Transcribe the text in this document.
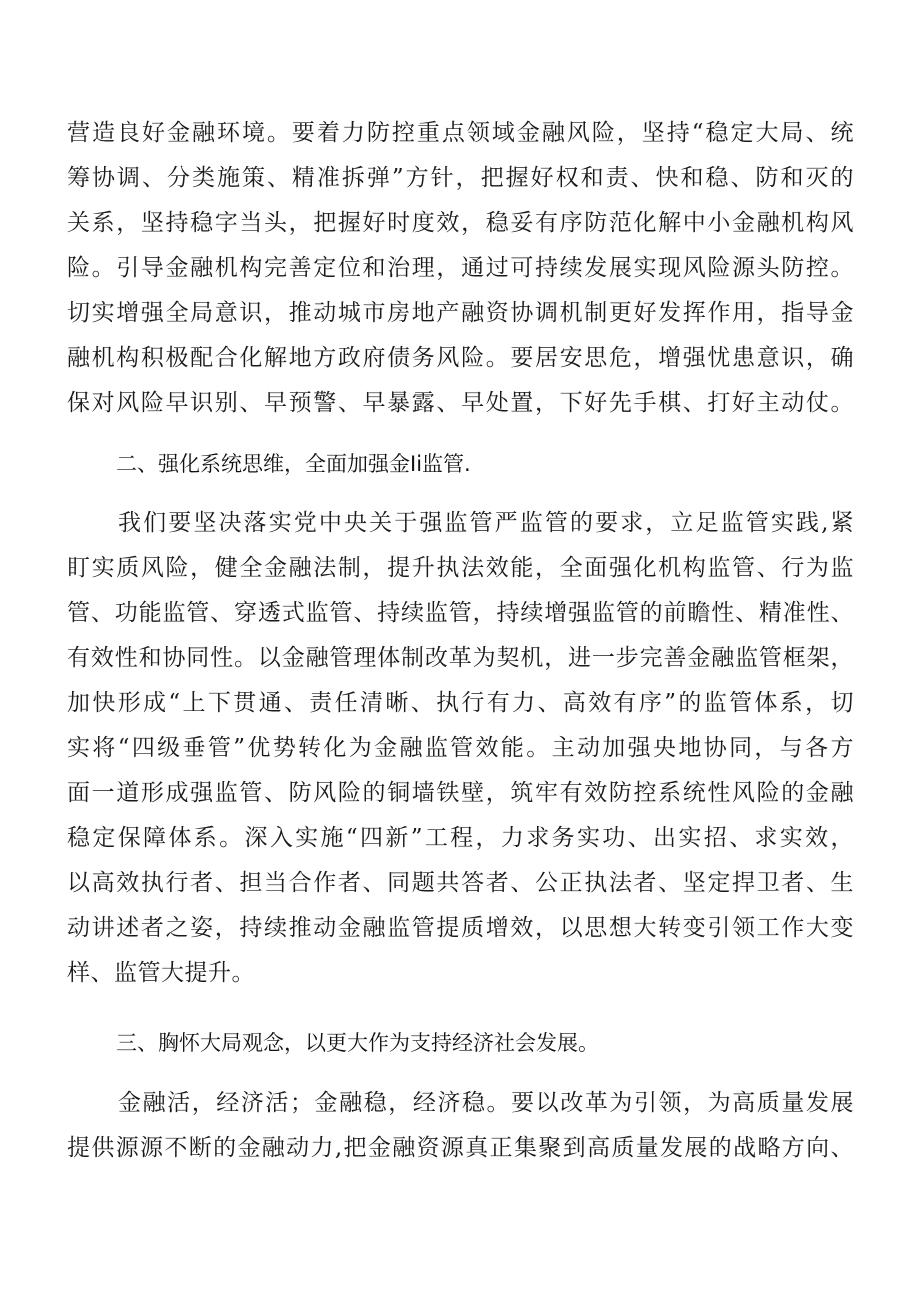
营造良好金融环境。要着力防控重点领域金融风险，坚持“稳定大局、统
筹协调、分类施策、精准拆弹”方针，把握好权和责、快和稳、防和灭的
关系，坚持稳字当头，把握好时度效，稳妥有序防范化解中小金融机构风
险。引导金融机构完善定位和治理，通过可持续发展实现风险源头防控。
切实增强全局意识，推动城市房地产融资协调机制更好发挥作用，指导金
融机构积极配合化解地方政府债务风险。要居安思危，增强忧患意识，确
保对风险早识别、早预警、早暴露、早处置，下好先手棋、打好主动仗。
二、强化系统思维，全面加强金Ii监管.
我们要坚决落实党中央关于强监管严监管的要求，立足监管实践,紧
盯实质风险，健全金融法制，提升执法效能，全面强化机构监管、行为监
管、功能监管、穿透式监管、持续监管，持续增强监管的前瞻性、精准性、
有效性和协同性。以金融管理体制改革为契机，进一步完善金融监管框架，
加快形成“上下贯通、责任清晰、执行有力、高效有序”的监管体系，切
实将“四级垂管”优势转化为金融监管效能。主动加强央地协同，与各方
面一道形成强监管、防风险的铜墙铁壁，筑牢有效防控系统性风险的金融
稳定保障体系。深入实施“四新”工程，力求务实功、出实招、求实效，
以高效执行者、担当合作者、同题共答者、公正执法者、坚定捍卫者、生
动讲述者之姿，持续推动金融监管提质增效，以思想大转变引领工作大变
样、监管大提升。
三、胸怀大局观念，以更大作为支持经济社会发展。
金融活，经济活；金融稳，经济稳。要以改革为引领，为高质量发展
提供源源不断的金融动力,把金融资源真正集聚到高质量发展的战略方向、
